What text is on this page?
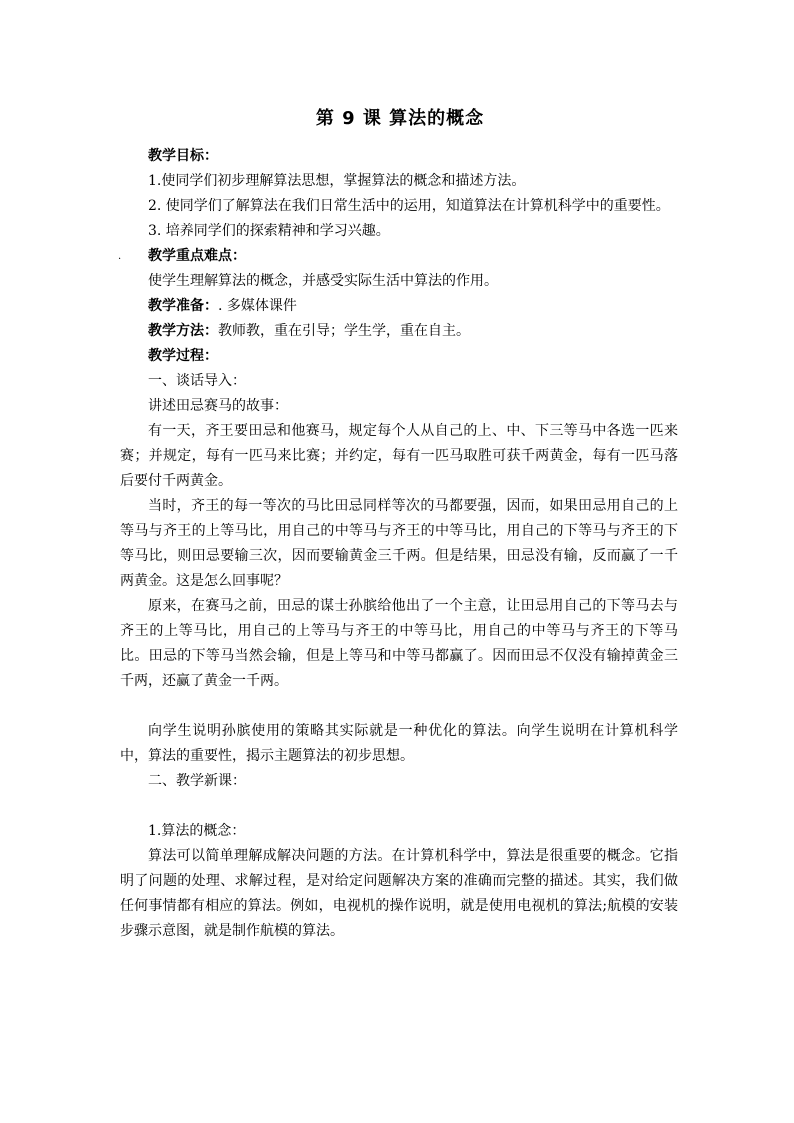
第 9 课 算法的概念

教学目标：

1.使同学们初步理解算法思想，掌握算法的概念和描述方法。

2. 使同学们了解算法在我们日常生活中的运用，知道算法在计算机科学中的重要性。

3. 培养同学们的探索精神和学习兴趣。

.	教学重点难点：

使学生理解算法的概念，并感受实际生活中算法的作用。

教学准备：. 多媒体课件

教学方法：教师教，重在引导；学生学，重在自主。

教学过程：

一、谈话导入：

讲述田忌赛马的故事：

有一天，齐王要田忌和他赛马，规定每个人从自己的上、中、下三等马中各选一匹来赛；并规定，每有一匹马来比赛；并约定，每有一匹马取胜可获千两黄金，每有一匹马落后要付千两黄金。

当时，齐王的每一等次的马比田忌同样等次的马都要强，因而，如果田忌用自己的上等马与齐王的上等马比，用自己的中等马与齐王的中等马比，用自己的下等马与齐王的下等马比，则田忌要输三次，因而要输黄金三千两。但是结果，田忌没有输，反而赢了一千两黄金。这是怎么回事呢？

原来，在赛马之前，田忌的谋士孙膑给他出了一个主意，让田忌用自己的下等马去与齐王的上等马比，用自己的上等马与齐王的中等马比，用自己的中等马与齐王的下等马比。田忌的下等马当然会输，但是上等马和中等马都赢了。因而田忌不仅没有输掉黄金三千两，还赢了黄金一千两。

向学生说明孙膑使用的策略其实际就是一种优化的算法。向学生说明在计算机科学中，算法的重要性，揭示主题算法的初步思想。

二、教学新课：

1.算法的概念：

算法可以简单理解成解决问题的方法。在计算机科学中，算法是很重要的概念。它指明了问题的处理、求解过程，是对给定问题解决方案的准确而完整的描述。其实，我们做任何事情都有相应的算法。例如，电视机的操作说明，就是使用电视机的算法;航模的安装步骤示意图，就是制作航模的算法。
